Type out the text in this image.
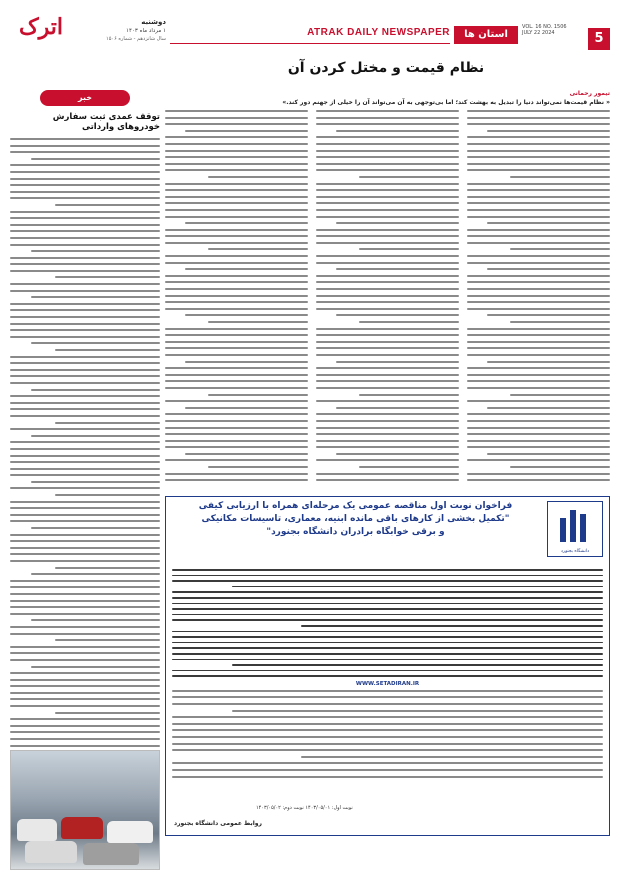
5
VOL. 16 NO. 1506
JULY 22 2024
استان ها
ATRAK DAILY NEWSPAPER
اترک	دوشنبه
۱ مرداد ماه ۱۴۰۳
سال شانزدهم - شماره ۱۵۰۶
نظام قیمت و مختل کردن آن
تیمور رحمانی
« نظام قیمت‌ها نمی‌تواند دنیا را تبدیل به بهشت کند؛ اما بی‌توجهی به آن می‌تواند آن را خیلی از جهنم دور کند.»
خبر
توقف عمدی ثبت سفارش خودروهای وارداتی
دانشگاه بجنورد
فراخوان نوبت اول مناقصه عمومی یک مرحله‌ای همراه با ارزیابی کیفی
"تکمیل بخشی از کارهای باقی مانده ابنیه، معماری، تاسیسات مکانیکی
و برقی خوابگاه برادران دانشگاه بجنورد"
WWW.SETADIRAN.IR
نوبت اول: ۱۴۰۳/۰۵/۰۱ نوبت دوم: ۱۴۰۳/۰۵/۰۲
روابط عمومی دانشگاه بجنورد
